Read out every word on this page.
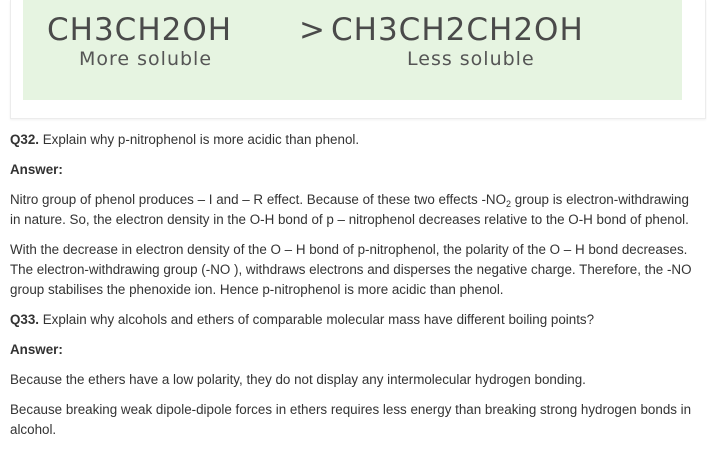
CH3CH2OH > CH3CH2CH2OH
More soluble	Less soluble

Q32. Explain why p-nitrophenol is more acidic than phenol.

Answer:

Nitro group of phenol produces – I and – R effect. Because of these two effects $-NO_2$ group is electron-withdrawing in nature. So, the electron density in the O-H bond of p – nitrophenol decreases relative to the O-H bond of phenol.

With the decrease in electron density of the O – H bond of p-nitrophenol, the polarity of the O – H bond decreases. The electron-withdrawing group (-NO ), withdraws electrons and disperses the negative charge. Therefore, the -NO group stabilises the phenoxide ion. Hence p-nitrophenol is more acidic than phenol.

Q33. Explain why alcohols and ethers of comparable molecular mass have different boiling points?

Answer:

Because the ethers have a low polarity, they do not display any intermolecular hydrogen bonding.

Because breaking weak dipole-dipole forces in ethers requires less energy than breaking strong hydrogen bonds in alcohol.
